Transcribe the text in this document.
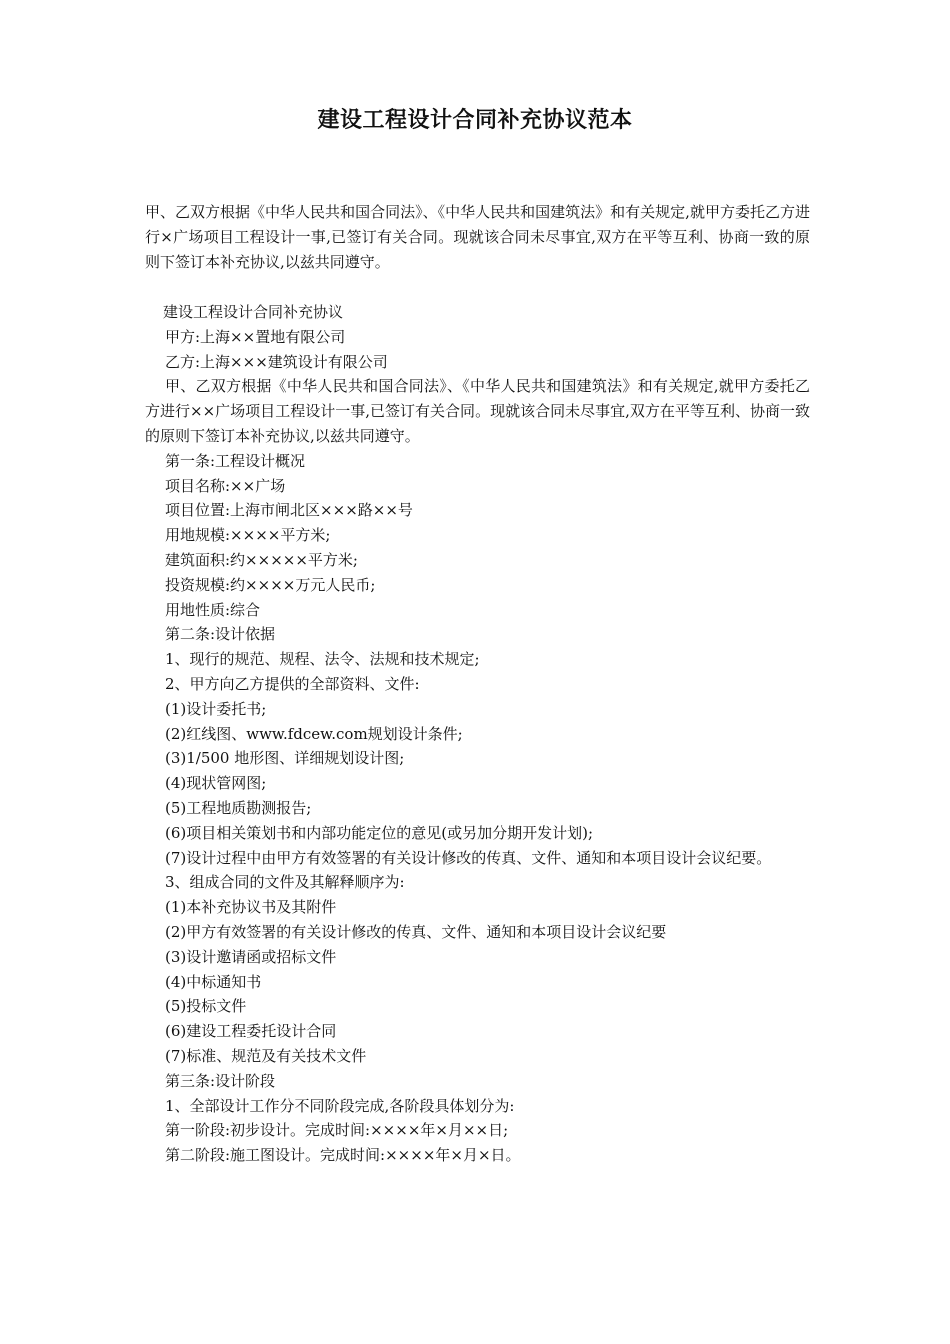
建设工程设计合同补充协议范本
甲、乙双方根据《中华人民共和国合同法》、《中华人民共和国建筑法》和有关规定,就甲方委托乙方进行×广场项目工程设计一事,已签订有关合同。现就该合同未尽事宜,双方在平等互利、协商一致的原则下签订本补充协议,以兹共同遵守。

建设工程设计合同补充协议

甲方:上海××置地有限公司

乙方:上海×××建筑设计有限公司

甲、乙双方根据《中华人民共和国合同法》、《中华人民共和国建筑法》和有关规定,就甲方委托乙方进行××广场项目工程设计一事,已签订有关合同。现就该合同未尽事宜,双方在平等互利、协商一致的原则下签订本补充协议,以兹共同遵守。

第一条:工程设计概况

项目名称:××广场

项目位置:上海市闸北区×××路××号

用地规模:××××平方米;

建筑面积:约×××××平方米;

投资规模:约××××万元人民币;

用地性质:综合

第二条:设计依据

1、现行的规范、规程、法令、法规和技术规定;

2、甲方向乙方提供的全部资料、文件:

(1)设计委托书;

(2)红线图、www.fdcew.com规划设计条件;

(3)1/500 地形图、详细规划设计图;

(4)现状管网图;

(5)工程地质勘测报告;

(6)项目相关策划书和内部功能定位的意见(或另加分期开发计划);

(7)设计过程中由甲方有效签署的有关设计修改的传真、文件、通知和本项目设计会议纪要。

3、组成合同的文件及其解释顺序为:

(1)本补充协议书及其附件

(2)甲方有效签署的有关设计修改的传真、文件、通知和本项目设计会议纪要

(3)设计邀请函或招标文件

(4)中标通知书

(5)投标文件

(6)建设工程委托设计合同

(7)标准、规范及有关技术文件

第三条:设计阶段

1、全部设计工作分不同阶段完成,各阶段具体划分为:

第一阶段:初步设计。完成时间:××××年×月××日;

第二阶段:施工图设计。完成时间:××××年×月×日。
